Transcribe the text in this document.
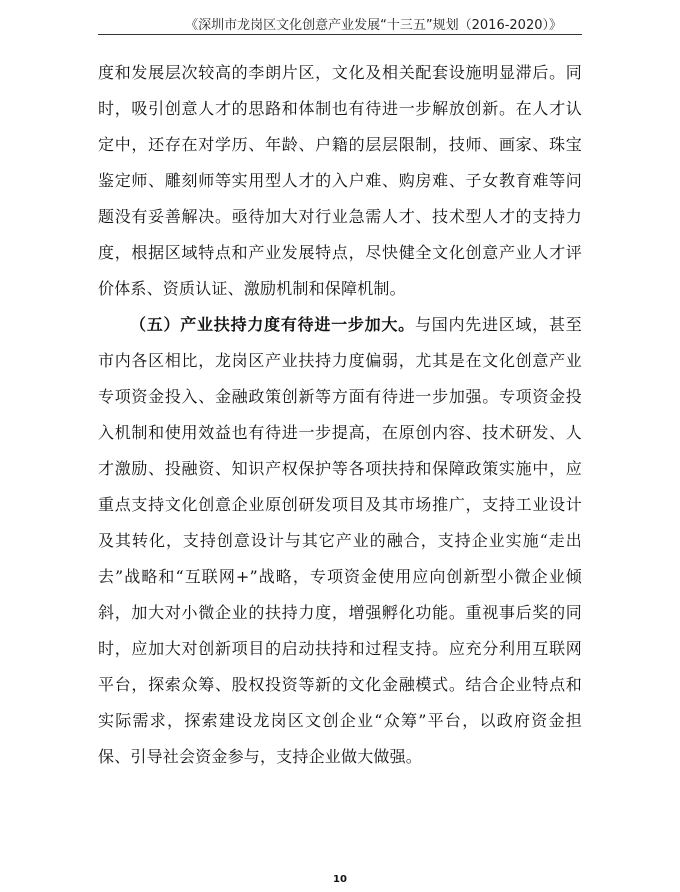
《深圳市龙岗区文化创意产业发展“十三五”规划（2016-2020）》

度和发展层次较高的李朗片区，文化及相关配套设施明显滞后。同时，吸引创意人才的思路和体制也有待进一步解放创新。在人才认定中，还存在对学历、年龄、户籍的层层限制，技师、画家、珠宝鉴定师、雕刻师等实用型人才的入户难、购房难、子女教育难等问题没有妥善解决。亟待加大对行业急需人才、技术型人才的支持力度，根据区域特点和产业发展特点，尽快健全文化创意产业人才评价体系、资质认证、激励机制和保障机制。

（五）产业扶持力度有待进一步加大。与国内先进区域，甚至市内各区相比，龙岗区产业扶持力度偏弱，尤其是在文化创意产业专项资金投入、金融政策创新等方面有待进一步加强。专项资金投入机制和使用效益也有待进一步提高，在原创内容、技术研发、人才激励、投融资、知识产权保护等各项扶持和保障政策实施中，应重点支持文化创意企业原创研发项目及其市场推广，支持工业设计及其转化，支持创意设计与其它产业的融合，支持企业实施“走出去”战略和“互联网+”战略，专项资金使用应向创新型小微企业倾斜，加大对小微企业的扶持力度，增强孵化功能。重视事后奖的同时，应加大对创新项目的启动扶持和过程支持。应充分利用互联网平台，探索众筹、股权投资等新的文化金融模式。结合企业特点和实际需求，探索建设龙岗区文创企业“众筹”平台，以政府资金担保、引导社会资金参与，支持企业做大做强。

10
